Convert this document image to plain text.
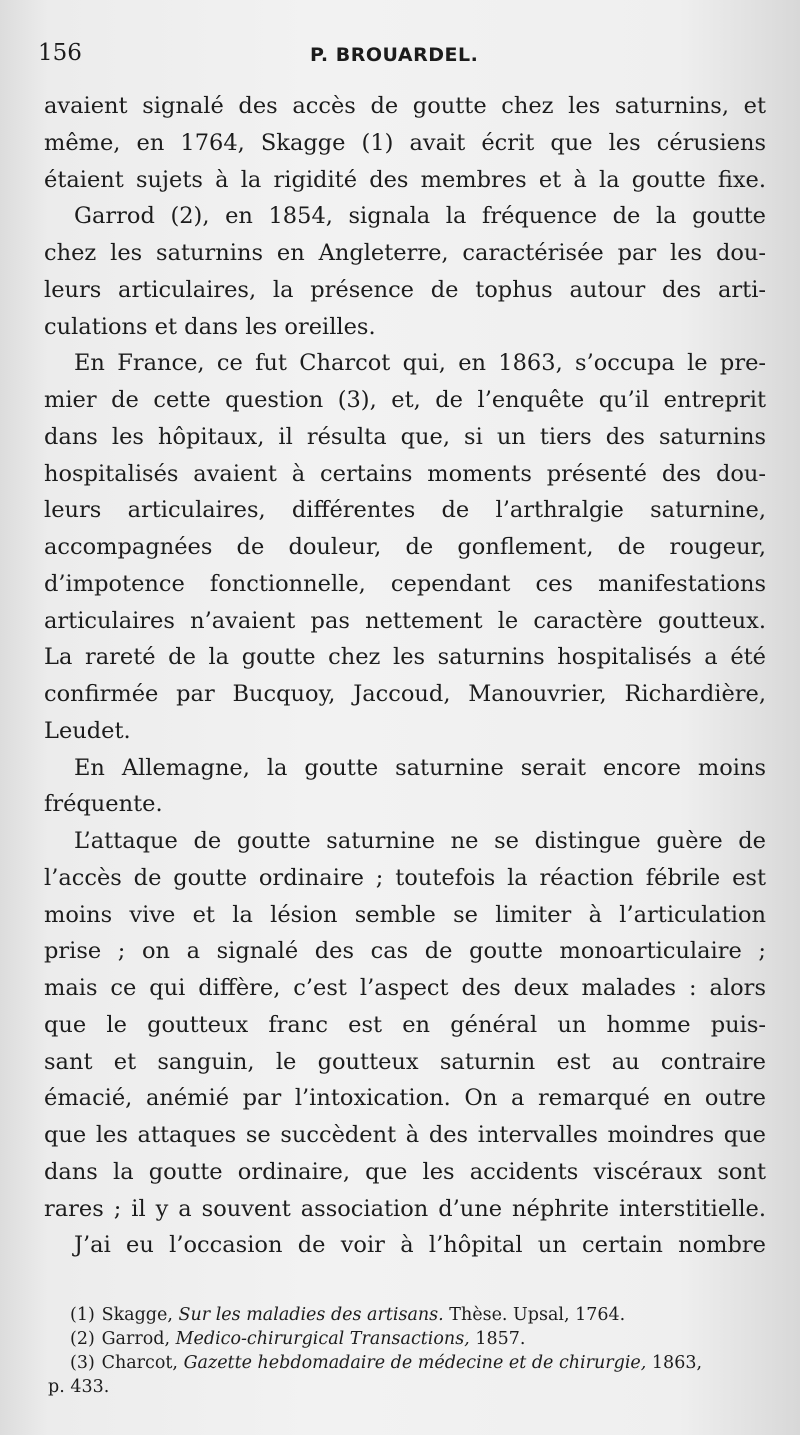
156	P. BROUARDEL.
avaient signalé des accès de goutte chez les saturnins, et
même, en 1764, Skagge (1) avait écrit que les cérusiens
étaient sujets à la rigidité des membres et à la goutte fixe.
Garrod (2), en 1854, signala la fréquence de la goutte
chez les saturnins en Angleterre, caractérisée par les dou-
leurs articulaires, la présence de tophus autour des arti-
culations et dans les oreilles.
En France, ce fut Charcot qui, en 1863, s’occupa le pre-
mier de cette question (3), et, de l’enquête qu’il entreprit
dans les hôpitaux, il résulta que, si un tiers des saturnins
hospitalisés avaient à certains moments présenté des dou-
leurs articulaires, différentes de l’arthralgie saturnine,
accompagnées de douleur, de gonflement, de rougeur,
d’impotence fonctionnelle, cependant ces manifestations
articulaires n’avaient pas nettement le caractère goutteux.
La rareté de la goutte chez les saturnins hospitalisés a été
confirmée par Bucquoy, Jaccoud, Manouvrier, Richardière,
Leudet.
En Allemagne, la goutte saturnine serait encore moins
fréquente.
L’attaque de goutte saturnine ne se distingue guère de
l’accès de goutte ordinaire ; toutefois la réaction fébrile est
moins vive et la lésion semble se limiter à l’articulation
prise ; on a signalé des cas de goutte monoarticulaire ;
mais ce qui diffère, c’est l’aspect des deux malades : alors
que le goutteux franc est en général un homme puis-
sant et sanguin, le goutteux saturnin est au contraire
émacié, anémié par l’intoxication. On a remarqué en outre
que les attaques se succèdent à des intervalles moindres que
dans la goutte ordinaire, que les accidents viscéraux sont
rares ; il y a souvent association d’une néphrite interstitielle.
J’ai eu l’occasion de voir à l’hôpital un certain nombre
(1) Skagge, Sur les maladies des artisans. Thèse. Upsal, 1764.
(2) Garrod, Medico-chirurgical Transactions, 1857.
(3) Charcot, Gazette hebdomadaire de médecine et de chirurgie, 1863,
p. 433.
